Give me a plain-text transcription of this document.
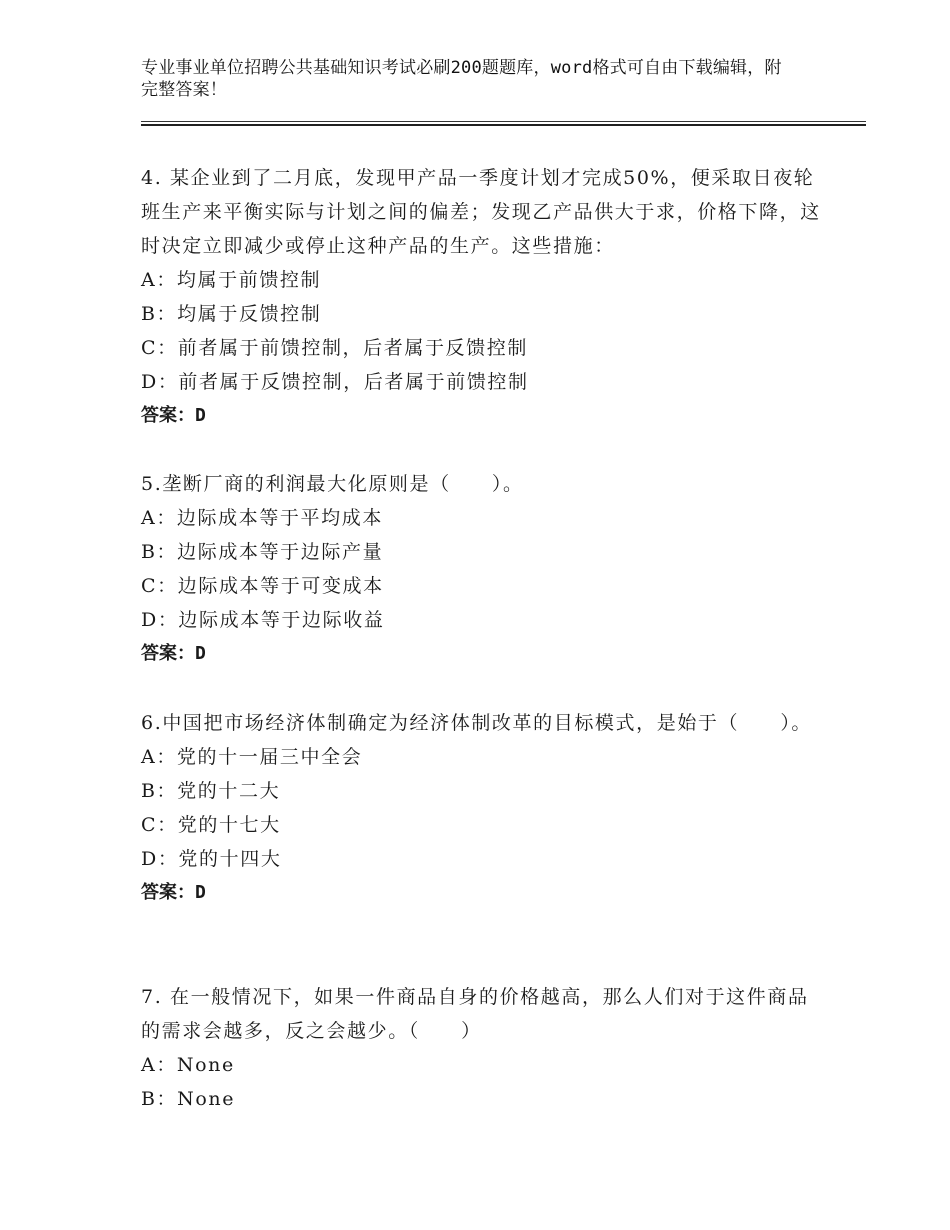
专业事业单位招聘公共基础知识考试必刷200题题库，word格式可自由下载编辑，附完整答案！

4. 某企业到了二月底，发现甲产品一季度计划才完成50%，便采取日夜轮班生产来平衡实际与计划之间的偏差；发现乙产品供大于求，价格下降，这时决定立即减少或停止这种产品的生产。这些措施：

A：均属于前馈控制

B：均属于反馈控制

C：前者属于前馈控制，后者属于反馈控制

D：前者属于反馈控制，后者属于前馈控制

答案：D

5.垄断厂商的利润最大化原则是（　　）。

A：边际成本等于平均成本

B：边际成本等于边际产量

C：边际成本等于可变成本

D：边际成本等于边际收益

答案：D

6.中国把市场经济体制确定为经济体制改革的目标模式，是始于（　　）。

A：党的十一届三中全会

B：党的十二大

C：党的十七大

D：党的十四大

答案：D

7. 在一般情况下，如果一件商品自身的价格越高，那么人们对于这件商品的需求会越多，反之会越少。（　　）

A：None

B：None
